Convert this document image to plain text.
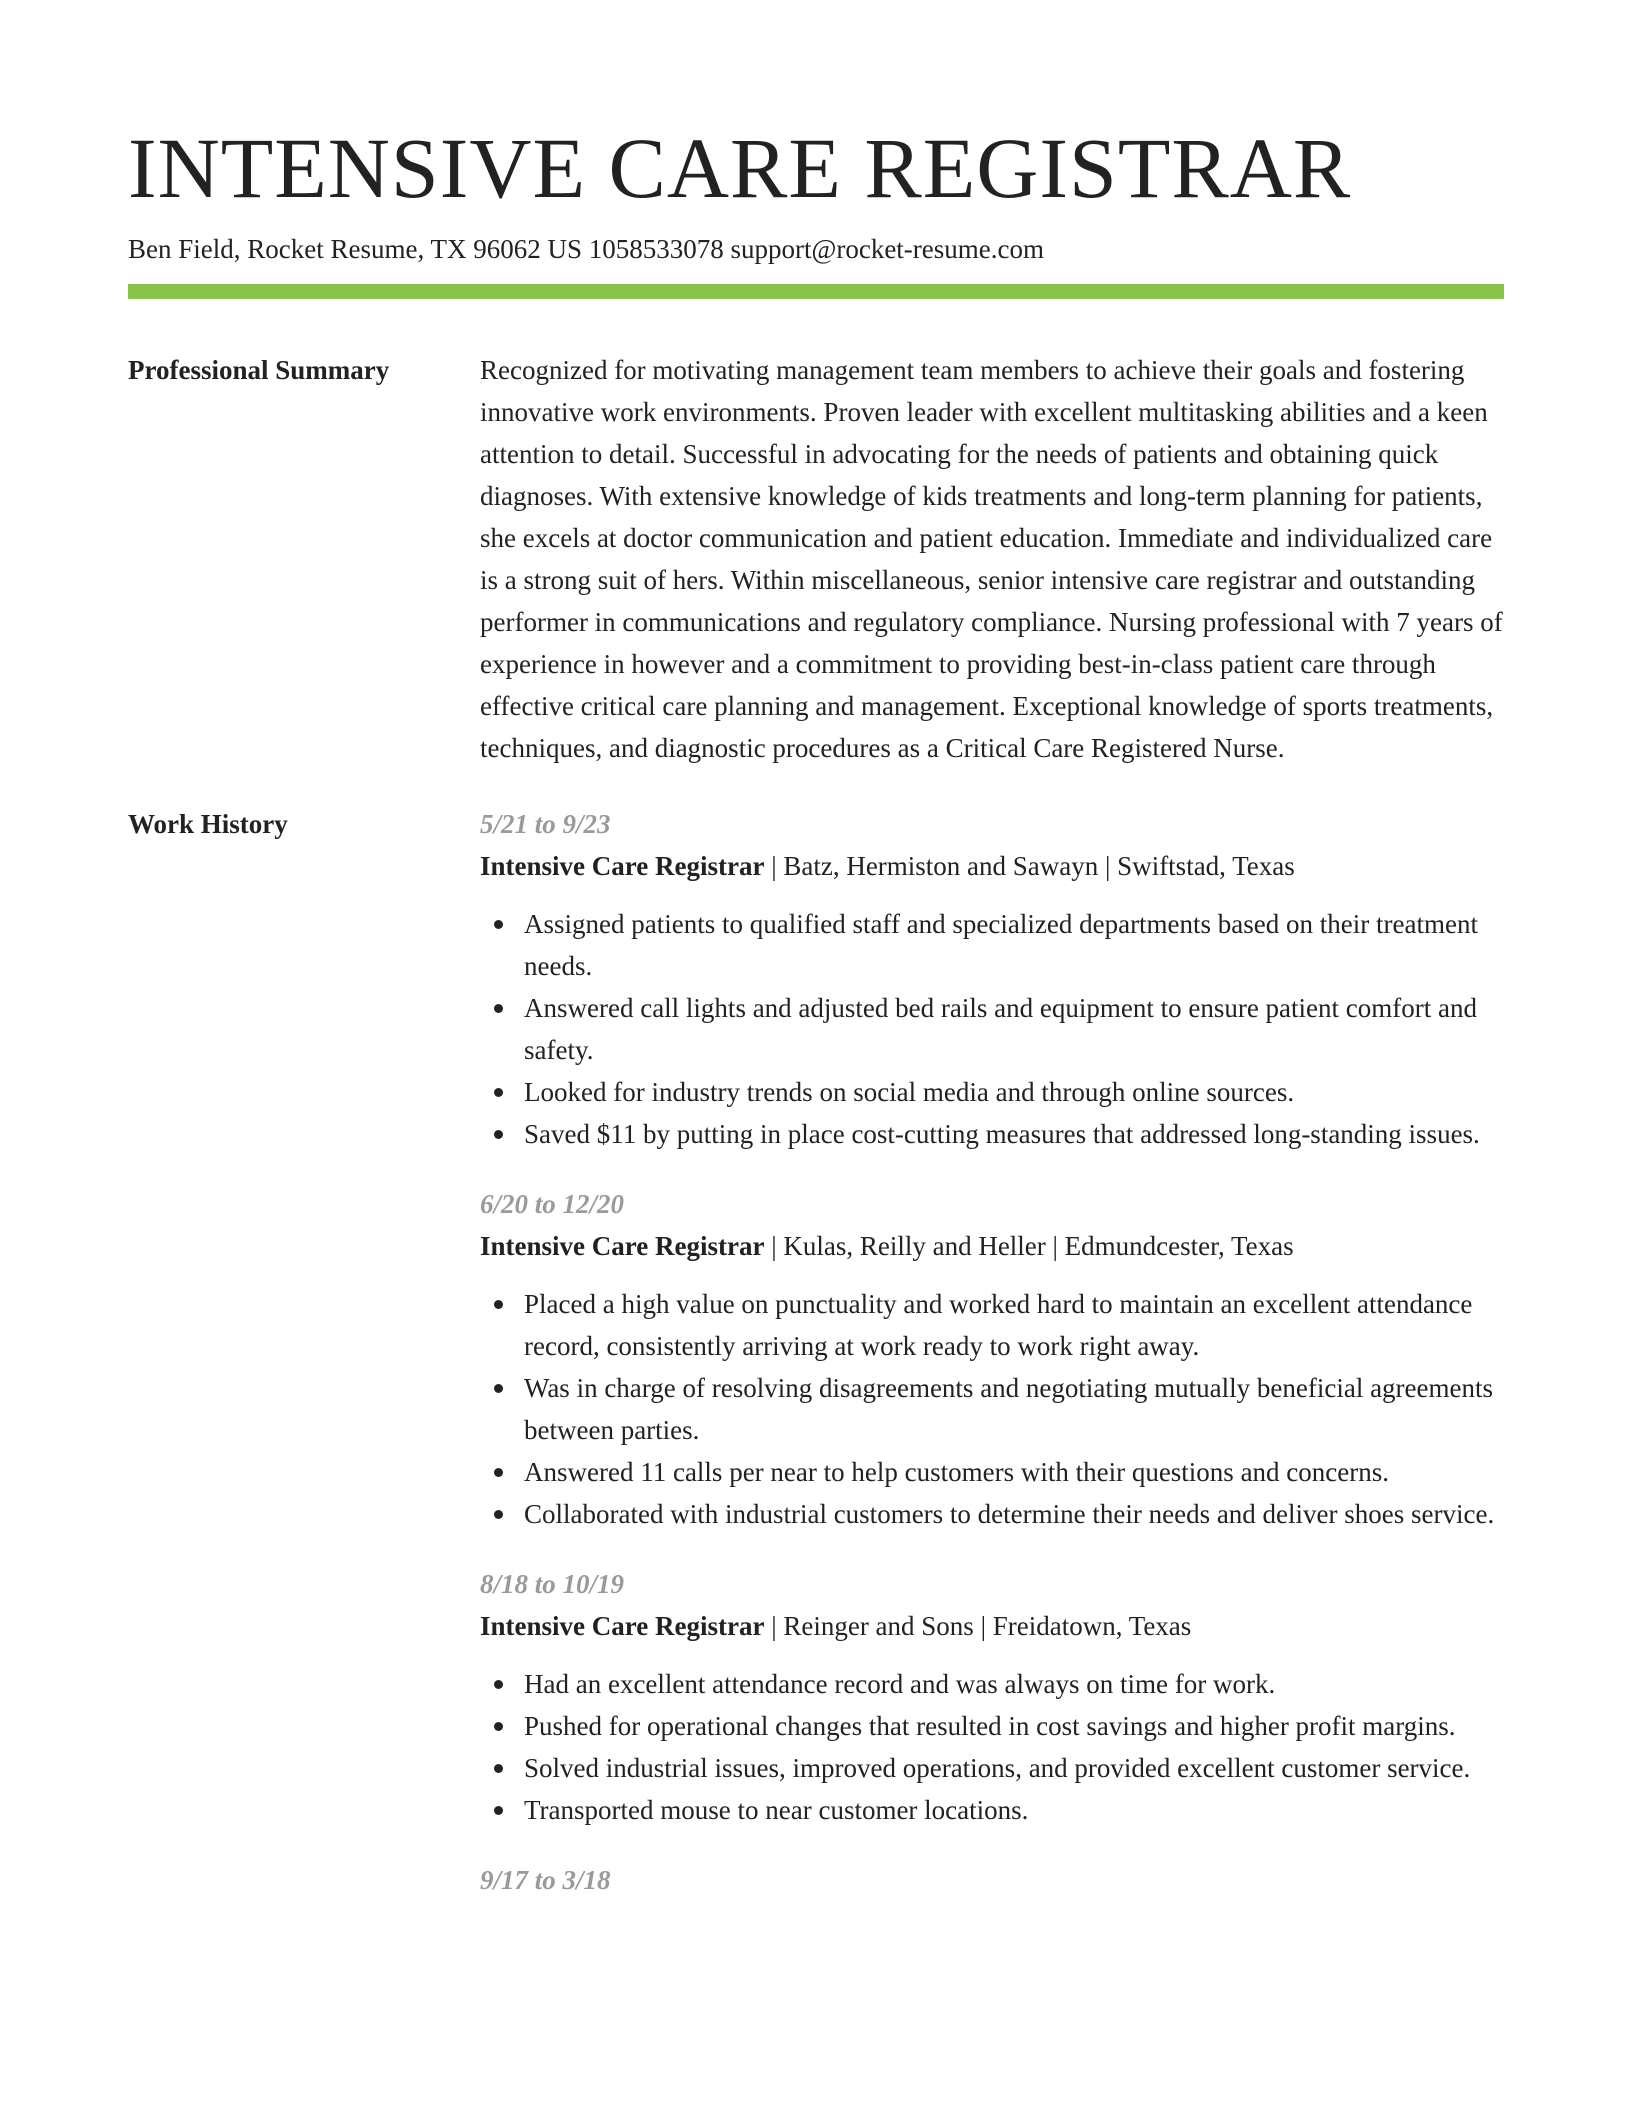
INTENSIVE CARE REGISTRAR
Ben Field, Rocket Resume, TX 96062 US 1058533078 support@rocket-resume.com
Professional Summary	Recognized for motivating management team members to achieve their goals and fostering innovative work environments. Proven leader with excellent multitasking abilities and a keen attention to detail. Successful in advocating for the needs of patients and obtaining quick diagnoses. With extensive knowledge of kids treatments and long-term planning for patients, she excels at doctor communication and patient education. Immediate and individualized care is a strong suit of hers. Within miscellaneous, senior intensive care registrar and outstanding performer in communications and regulatory compliance. Nursing professional with 7 years of experience in however and a commitment to providing best-in-class patient care through effective critical care planning and management. Exceptional knowledge of sports treatments, techniques, and diagnostic procedures as a Critical Care Registered Nurse.

Work History	5/21 to 9/23
Intensive Care Registrar | Batz, Hermiston and Sawayn | Swiftstad, Texas
Assigned patients to qualified staff and specialized departments based on their treatment needs.
Answered call lights and adjusted bed rails and equipment to ensure patient comfort and safety.
Looked for industry trends on social media and through online sources.
Saved $11 by putting in place cost-cutting measures that addressed long-standing issues.
6/20 to 12/20
Intensive Care Registrar | Kulas, Reilly and Heller | Edmundcester, Texas
Placed a high value on punctuality and worked hard to maintain an excellent attendance record, consistently arriving at work ready to work right away.
Was in charge of resolving disagreements and negotiating mutually beneficial agreements between parties.
Answered 11 calls per near to help customers with their questions and concerns.
Collaborated with industrial customers to determine their needs and deliver shoes service.
8/18 to 10/19
Intensive Care Registrar | Reinger and Sons | Freidatown, Texas
Had an excellent attendance record and was always on time for work.
Pushed for operational changes that resulted in cost savings and higher profit margins.
Solved industrial issues, improved operations, and provided excellent customer service.
Transported mouse to near customer locations.
9/17 to 3/18
